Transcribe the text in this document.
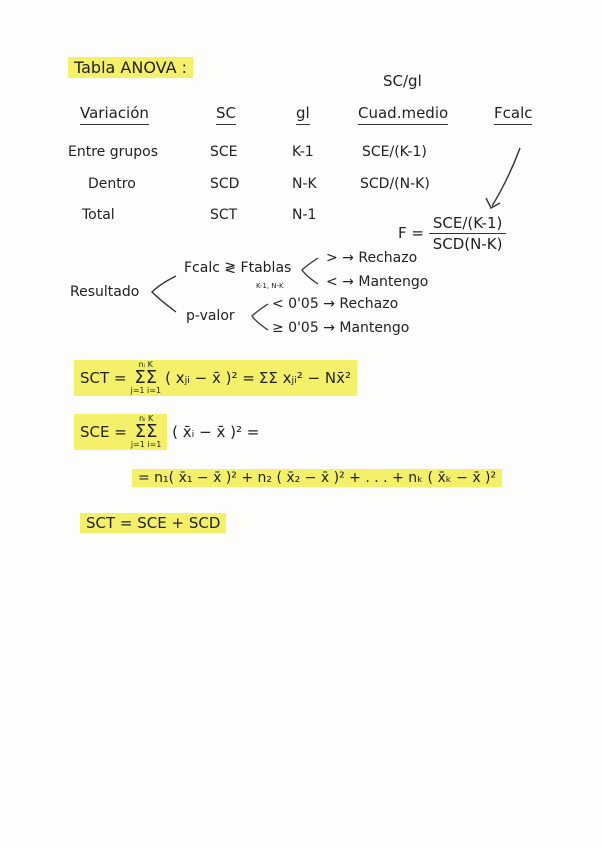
Tabla ANOVA :
SC/gl
Variación	SC	gl	Cuad.medio	Fcalc
Entre grupos	SCE	K-1	SCE/(K-1)
Dentro	SCD	N-K	SCD/(N-K)
Total	SCT	N-1
$F = \frac{\text{SCE/(K-1)}}{\text{SCD(N-K)}}$
Resultado
Fcalc ≷ Ftablas
K-1, N-K
> → Rechazo
< → Mantengo
p-valor
< 0'05 → Rechazo
≥ 0'05 → Mantengo
SCT =
nᵢ K
ΣΣ
j=1 i=1
( xⱼᵢ − x̄ )² = ΣΣ xⱼᵢ² − Nx̄²
SCE =
nᵢ K
ΣΣ
j=1 i=1
( x̄ᵢ − x̄ )² =
= n₁( x̄₁ − x̄ )² + n₂ ( x̄₂ − x̄ )² + . . . + nₖ ( x̄ₖ − x̄ )²
SCT = SCE + SCD
